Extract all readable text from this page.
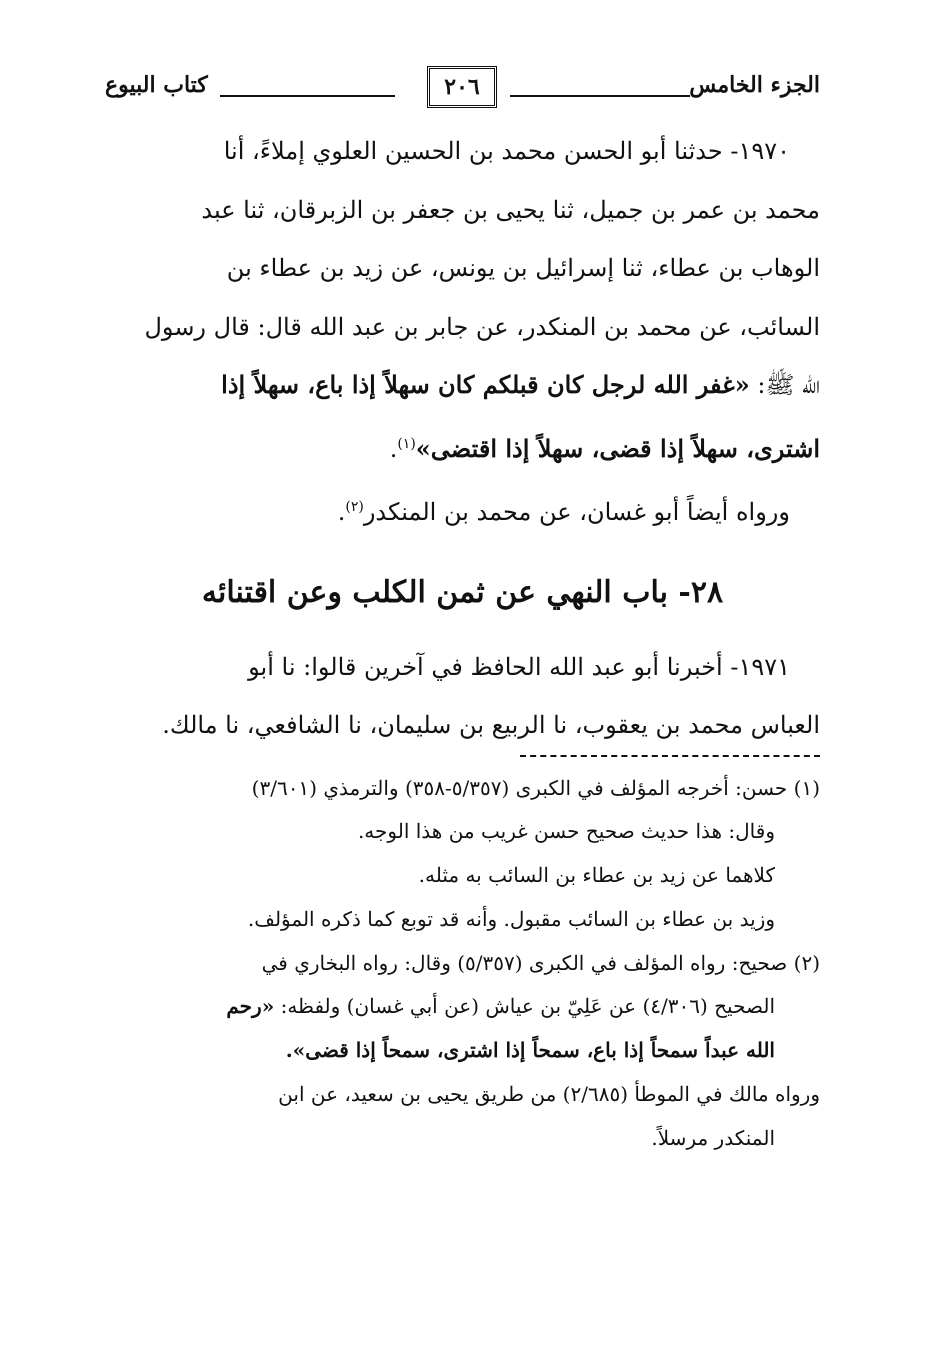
الجزء الخامس
٢٠٦
كتاب البيوع

١٩٧٠- حدثنا أبو الحسن محمد بن الحسين العلوي إملاءً، أنا

محمد بن عمر بن جميل، ثنا يحيى بن جعفر بن الزبرقان، ثنا عبد

الوهاب بن عطاء، ثنا إسرائيل بن يونس، عن زيد بن عطاء بن

السائب، عن محمد بن المنكدر، عن جابر بن عبد الله قال: قال رسول

الله ﷺ: «غفر الله لرجل كان قبلكم كان سهلاً إذا باع، سهلاً إذا

اشترى، سهلاً إذا قضى، سهلاً إذا اقتضى»$^{(١)}$.

ورواه أيضاً أبو غسان، عن محمد بن المنكدر$^{(٢)}$.

٢٨- باب النهي عن ثمن الكلب وعن اقتنائه

١٩٧١- أخبرنا أبو عبد الله الحافظ في آخرين قالوا: نا أبو

العباس محمد بن يعقوب، نا الربيع بن سليمان، نا الشافعي، نا مالك.

(١) حسن: أخرجه المؤلف في الكبرى (٥/٣٥٧-٣٥٨) والترمذي (٣/٦٠١)

وقال: هذا حديث صحيح حسن غريب من هذا الوجه.

كلاهما عن زيد بن عطاء بن السائب به مثله.

وزيد بن عطاء بن السائب مقبول. وأنه قد توبع كما ذكره المؤلف.

(٢) صحيح: رواه المؤلف في الكبرى (٥/٣٥٧) وقال: رواه البخاري في

الصحيح (٤/٣٠٦) عن عَلِيّ بن عياش (عن أبي غسان) ولفظه: «رحم

الله عبداً سمحاً إذا باع، سمحاً إذا اشترى، سمحاً إذا قضى».

ورواه مالك في الموطأ (٢/٦٨٥) من طريق يحيى بن سعيد، عن ابن

المنكدر مرسلاً.
